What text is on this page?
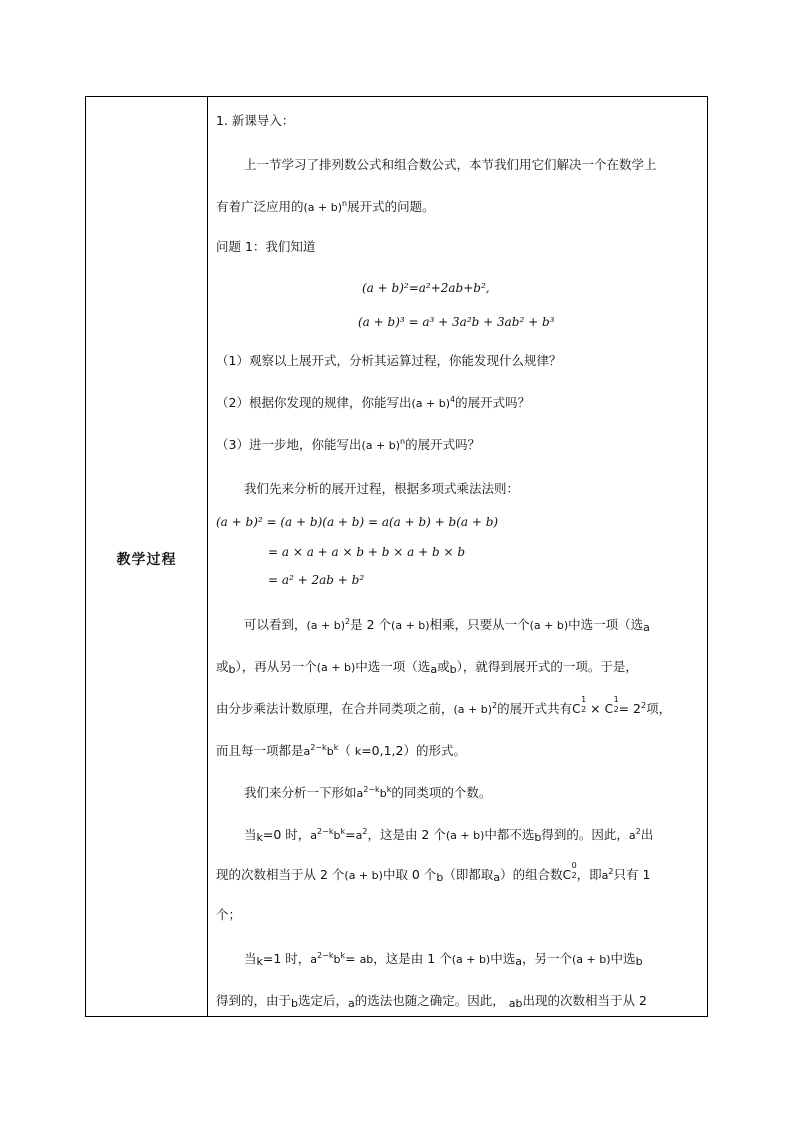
教学过程
1. 新课导入：
上一节学习了排列数公式和组合数公式，本节我们用它们解决一个在数学上
有着广泛应用的$(a + b)^n$展开式的问题。
问题 1：我们知道
(a + b)²=a²+2ab+b²,
(a + b)³ = a³ + 3a²b + 3ab² + b³
（1）观察以上展开式，分析其运算过程，你能发现什么规律？
（2）根据你发现的规律，你能写出$(a + b)^4$的展开式吗？
（3）进一步地，你能写出$(a + b)^n$的展开式吗？
我们先来分析的展开过程，根据多项式乘法法则：
(a + b)² = (a + b)(a + b) = a(a + b) + b(a + b)
= a × a + a × b + b × a + b × b
= a² + 2ab + b²
可以看到，$(a + b)^2$是 2 个(a + b)相乘，只要从一个(a + b)中选一项（选$_a$
或$_b$），再从另一个(a + b)中选一项（选$_a$或$_b$），就得到展开式的一项。于是，
由分步乘法计数原理，在合并同类项之前，$(a + b)^2$的展开式共有C
1
2 × C
1
$2 = 2^2$项，
而且每一项都是$a^{2-k}b^k$（ k=0,1,2）的形式。
我们来分析一下形如$a^{2-k}b^k$的同类项的个数。
当$_k$=0 时，$a^{2-k}b^k=a^2$，这是由 2 个(a + b)中都不选$_b$得到的。因此，$a^2$出
现的次数相当于从 2 个(a + b)中取 0 个$_b$（即都取$_a$）的组合数C
0
2 ，即$a^2$只有 1
个；
当$_k$=1 时，$a^{2-k}b^k=$ ab，这是由 1 个(a + b)中选$_a$，另一个(a + b)中选$_b$
得到的，由于$_b$选定后，$_a$的选法也随之确定。因此， $_{ab}$出现的次数相当于从 2
